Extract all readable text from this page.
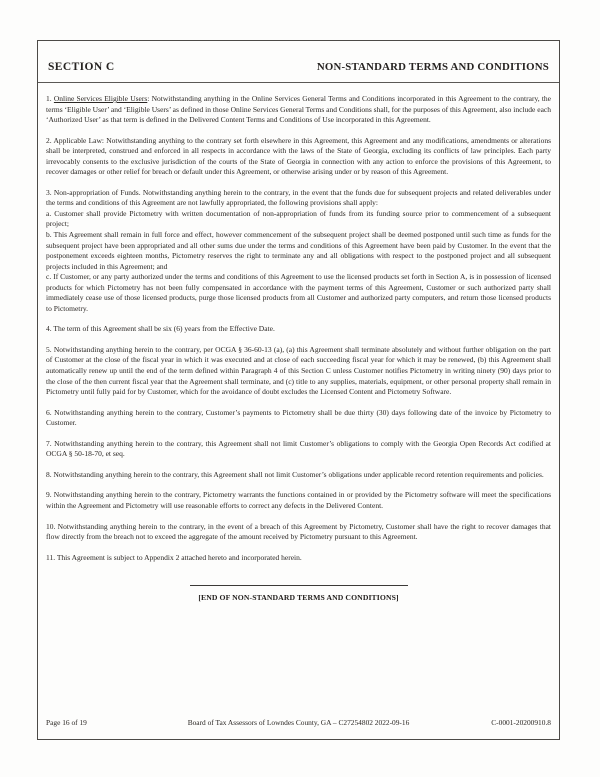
SECTION C	NON-STANDARD TERMS AND CONDITIONS

1. Online Services Eligible Users: Notwithstanding anything in the Online Services General Terms and Conditions incorporated in this Agreement to the contrary, the terms ‘Eligible User’ and ‘Eligible Users’ as defined in those Online Services General Terms and Conditions shall, for the purposes of this Agreement, also include each ‘Authorized User’ as that term is defined in the Delivered Content Terms and Conditions of Use incorporated in this Agreement.

2. Applicable Law: Notwithstanding anything to the contrary set forth elsewhere in this Agreement, this Agreement and any modifications, amendments or alterations shall be interpreted, construed and enforced in all respects in accordance with the laws of the State of Georgia, excluding its conflicts of law principles. Each party irrevocably consents to the exclusive jurisdiction of the courts of the State of Georgia in connection with any action to enforce the provisions of this Agreement, to recover damages or other relief for breach or default under this Agreement, or otherwise arising under or by reason of this Agreement.

3. Non-appropriation of Funds. Notwithstanding anything herein to the contrary, in the event that the funds due for subsequent projects and related deliverables under the terms and conditions of this Agreement are not lawfully appropriated, the following provisions shall apply:
a. Customer shall provide Pictometry with written documentation of non-appropriation of funds from its funding source prior to commencement of a subsequent project;
b. This Agreement shall remain in full force and effect, however commencement of the subsequent project shall be deemed postponed until such time as funds for the subsequent project have been appropriated and all other sums due under the terms and conditions of this Agreement have been paid by Customer. In the event that the postponement exceeds eighteen months, Pictometry reserves the right to terminate any and all obligations with respect to the postponed project and all subsequent projects included in this Agreement; and
c. If Customer, or any party authorized under the terms and conditions of this Agreement to use the licensed products set forth in Section A, is in possession of licensed products for which Pictometry has not been fully compensated in accordance with the payment terms of this Agreement, Customer or such authorized party shall immediately cease use of those licensed products, purge those licensed products from all Customer and authorized party computers, and return those licensed products to Pictometry.

4. The term of this Agreement shall be six (6) years from the Effective Date.

5. Notwithstanding anything herein to the contrary, per OCGA § 36-60-13 (a), (a) this Agreement shall terminate absolutely and without further obligation on the part of Customer at the close of the fiscal year in which it was executed and at close of each succeeding fiscal year for which it may be renewed, (b) this Agreement shall automatically renew up until the end of the term defined within Paragraph 4 of this Section C unless Customer notifies Pictometry in writing ninety (90) days prior to the close of the then current fiscal year that the Agreement shall terminate, and (c) title to any supplies, materials, equipment, or other personal property shall remain in Pictometry until fully paid for by Customer, which for the avoidance of doubt excludes the Licensed Content and Pictometry Software.

6. Notwithstanding anything herein to the contrary, Customer’s payments to Pictometry shall be due thirty (30) days following date of the invoice by Pictometry to Customer.

7. Notwithstanding anything herein to the contrary, this Agreement shall not limit Customer’s obligations to comply with the Georgia Open Records Act codified at OCGA § 50-18-70, et seq.

8. Notwithstanding anything herein to the contrary, this Agreement shall not limit Customer’s obligations under applicable record retention requirements and policies.

9. Notwithstanding anything herein to the contrary, Pictometry warrants the functions contained in or provided by the Pictometry software will meet the specifications within the Agreement and Pictometry will use reasonable efforts to correct any defects in the Delivered Content.

10. Notwithstanding anything herein to the contrary, in the event of a breach of this Agreement by Pictometry, Customer shall have the right to recover damages that flow directly from the breach not to exceed the aggregate of the amount received by Pictometry pursuant to this Agreement.

11. This Agreement is subject to Appendix 2 attached hereto and incorporated herein.

[END OF NON-STANDARD TERMS AND CONDITIONS]
Page 16 of 19	Board of Tax Assessors of Lowndes County, GA – C27254802 2022-09-16	C-0001-20200910.8
